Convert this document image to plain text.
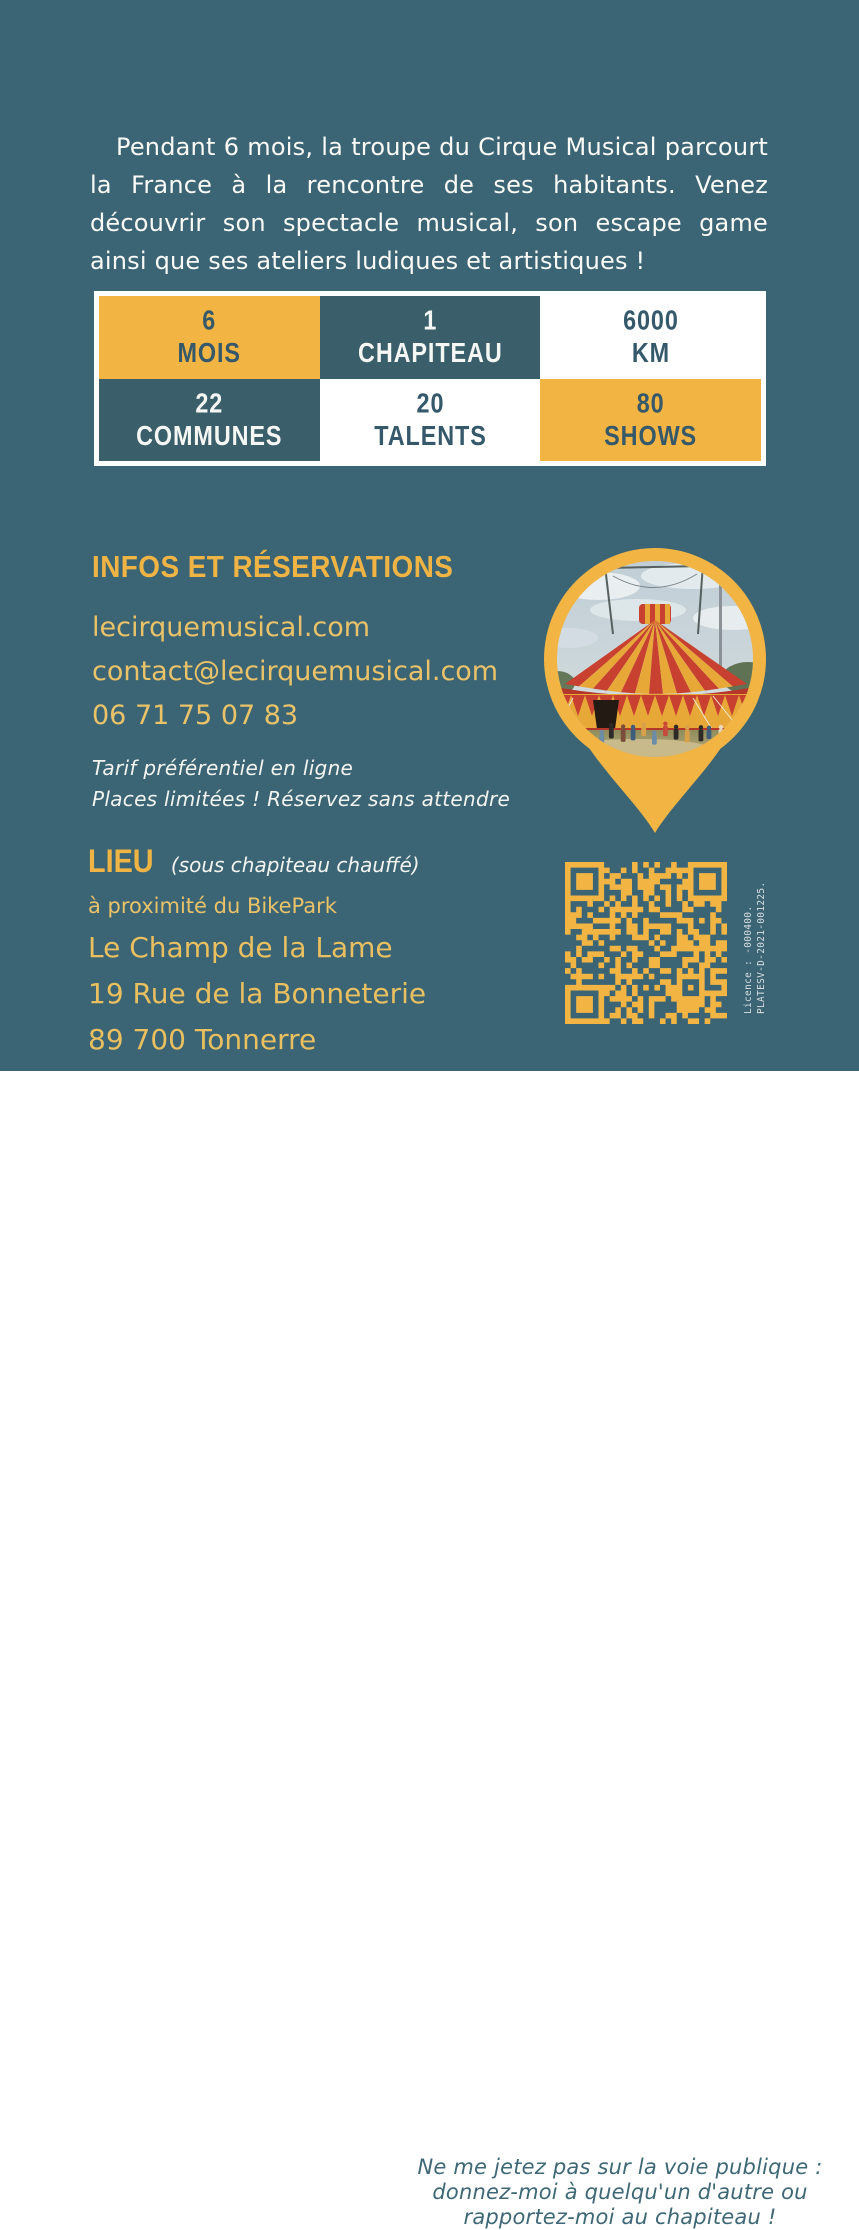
Pendant 6 mois, la troupe du Cirque Musical parcourt la France à la rencontre de ses habitants. Venez découvrir son spectacle musical, son escape game ainsi que ses ateliers ludiques et artistiques !

6
MOIS
1
CHAPITEAU
6000
KM
22
COMMUNES
20
TALENTS
80
SHOWS
INFOS ET RÉSERVATIONS
lecirquemusical.com
contact@lecirquemusical.com
06 71 75 07 83
Tarif préférentiel en ligne
Places limitées ! Réservez sans attendre
LIEU (sous chapiteau chauffé)
à proximité du BikePark
Le Champ de la Lame
19 Rue de la Bonneterie
89 700 Tonnerre
Licence : -000400. PLATESV-D-2021-001225.
Ne me jetez pas sur la voie publique :
donnez-moi à quelqu'un d'autre ou
rapportez-moi au chapiteau !
